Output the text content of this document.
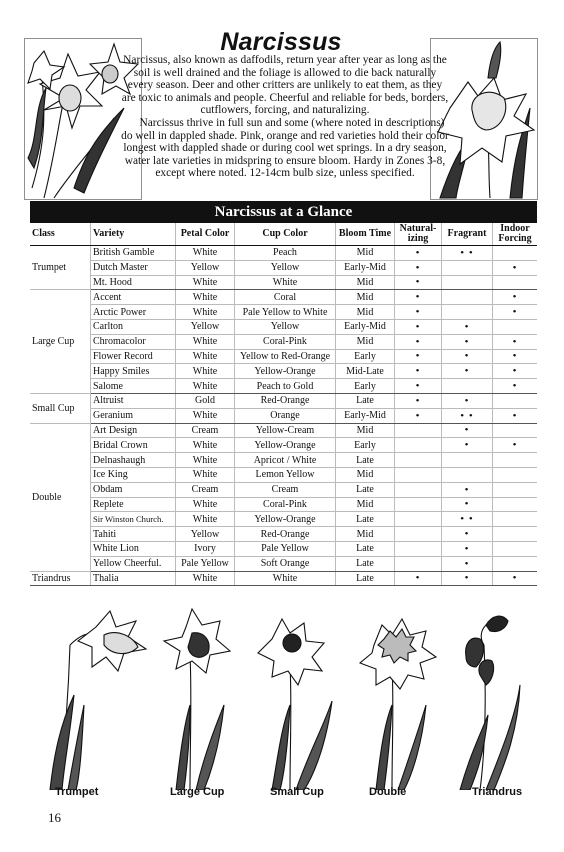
Narcissus

Narcissus, also known as daffodils, return year after year as long as the soil is well drained and the foliage is allowed to die back naturally every season. Deer and other critters are unlikely to eat them, as they are toxic to animals and people. Cheerful and reliable for beds, borders, cutflowers, forcing, and naturalizing.

Narcissus thrive in full sun and some (where noted in descriptions) do well in dappled shade. Pink, orange and red varieties hold their color longest with dappled shade or during cool wet springs. In a dry season, water late varieties in midspring to ensure bloom. Hardy in Zones 3-8, except where noted. 12-14cm bulb size, unless specified.

Narcissus at a Glance
Class	Variety	Petal Color	Cup Color	Bloom Time	Natural-izing	Fragrant	Indoor Forcing
Trumpet	British Gamble	White	Peach	Mid	•	• •	
	Dutch Master	Yellow	Yellow	Early-Mid	•		•
	Mt. Hood	White	White	Mid	•		
Large Cup	Accent	White	Coral	Mid	•		•
	Arctic Power	White	Pale Yellow to White	Mid	•		•
	Carlton	Yellow	Yellow	Early-Mid	•	•	
	Chromacolor	White	Coral-Pink	Mid	•	•	•
	Flower Record	White	Yellow to Red-Orange	Early	•	•	•
	Happy Smiles	White	Yellow-Orange	Mid-Late	•	•	•
	Salome	White	Peach to Gold	Early	•		•
Small Cup	Altruist	Gold	Red-Orange	Late	•	•	
	Geranium	White	Orange	Early-Mid	•	• •	•
Double	Art Design	Cream	Yellow-Cream	Mid		•	
	Bridal Crown	White	Yellow-Orange	Early		•	•
	Delnashaugh	White	Apricot / White	Late			
	Ice King	White	Lemon Yellow	Mid			
	Obdam	Cream	Cream	Late		•	
	Replete	White	Coral-Pink	Mid		•	
	Sir Winston Church.	White	Yellow-Orange	Late		• •	
	Tahiti	Yellow	Red-Orange	Mid		•	
	White Lion	Ivory	Pale Yellow	Late		•	
	Yellow Cheerful.	Pale Yellow	Soft Orange	Late		•	
Triandrus	Thalia	White	White	Late	•	•	•
Trumpet	Large Cup	Small Cup	Double	Triandrus
16
